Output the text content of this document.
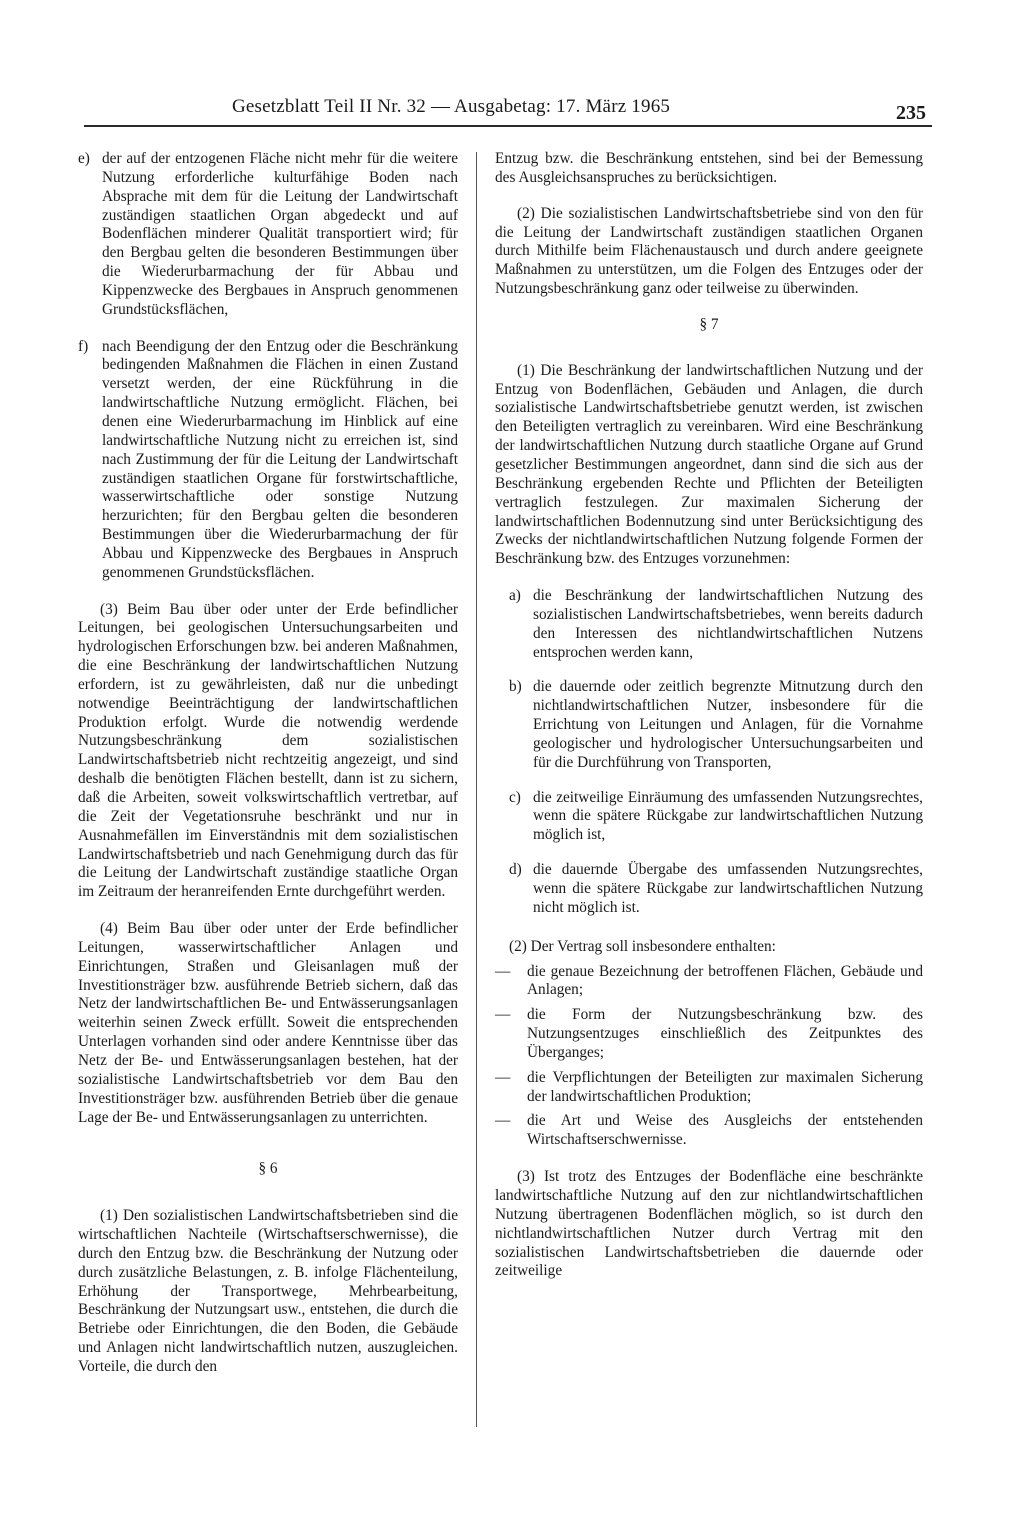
Gesetzblatt Teil II Nr. 32 — Ausgabetag: 17. März 1965	235
e) der auf der entzogenen Fläche nicht mehr für die weitere Nutzung erforderliche kulturfähige Boden nach Absprache mit dem für die Leitung der Landwirtschaft zuständigen staatlichen Organ abgedeckt und auf Bodenflächen minderer Qualität transportiert wird; für den Bergbau gelten die besonderen Bestimmungen über die Wiederurbarmachung der für Abbau und Kippenzwecke des Bergbaues in Anspruch genommenen Grundstücksflächen,
f) nach Beendigung der den Entzug oder die Beschränkung bedingenden Maßnahmen die Flächen in einen Zustand versetzt werden, der eine Rückführung in die landwirtschaftliche Nutzung ermöglicht. Flächen, bei denen eine Wiederurbarmachung im Hinblick auf eine landwirtschaftliche Nutzung nicht zu erreichen ist, sind nach Zustimmung der für die Leitung der Landwirtschaft zuständigen staatlichen Organe für forstwirtschaftliche, wasserwirtschaftliche oder sonstige Nutzung herzurichten; für den Bergbau gelten die besonderen Bestimmungen über die Wiederurbarmachung der für Abbau und Kippenzwecke des Bergbaues in Anspruch genommenen Grundstücksflächen.

(3) Beim Bau über oder unter der Erde befindlicher Leitungen, bei geologischen Untersuchungsarbeiten und hydrologischen Erforschungen bzw. bei anderen Maßnahmen, die eine Beschränkung der landwirtschaftlichen Nutzung erfordern, ist zu gewährleisten, daß nur die unbedingt notwendige Beeinträchtigung der landwirtschaftlichen Produktion erfolgt. Wurde die notwendig werdende Nutzungsbeschränkung dem sozialistischen Landwirtschaftsbetrieb nicht rechtzeitig angezeigt, und sind deshalb die benötigten Flächen bestellt, dann ist zu sichern, daß die Arbeiten, soweit volkswirtschaftlich vertretbar, auf die Zeit der Vegetationsruhe beschränkt und nur in Ausnahmefällen im Einverständnis mit dem sozialistischen Landwirtschaftsbetrieb und nach Genehmigung durch das für die Leitung der Landwirtschaft zuständige staatliche Organ im Zeitraum der heranreifenden Ernte durchgeführt werden.

(4) Beim Bau über oder unter der Erde befindlicher Leitungen, wasserwirtschaftlicher Anlagen und Einrichtungen, Straßen und Gleisanlagen muß der Investitionsträger bzw. ausführende Betrieb sichern, daß das Netz der landwirtschaftlichen Be- und Entwässerungsanlagen weiterhin seinen Zweck erfüllt. Soweit die entsprechenden Unterlagen vorhanden sind oder andere Kenntnisse über das Netz der Be- und Entwässerungsanlagen bestehen, hat der sozialistische Landwirtschaftsbetrieb vor dem Bau den Investitionsträger bzw. ausführenden Betrieb über die genaue Lage der Be- und Entwässerungsanlagen zu unterrichten.

§ 6

(1) Den sozialistischen Landwirtschaftsbetrieben sind die wirtschaftlichen Nachteile (Wirtschaftserschwernisse), die durch den Entzug bzw. die Beschränkung der Nutzung oder durch zusätzliche Belastungen, z. B. infolge Flächenteilung, Erhöhung der Transportwege, Mehrbearbeitung, Beschränkung der Nutzungsart usw., entstehen, die durch die Betriebe oder Einrichtungen, die den Boden, die Gebäude und Anlagen nicht landwirtschaftlich nutzen, auszugleichen. Vorteile, die durch den

Entzug bzw. die Beschränkung entstehen, sind bei der Bemessung des Ausgleichsanspruches zu berücksichtigen.

(2) Die sozialistischen Landwirtschaftsbetriebe sind von den für die Leitung der Landwirtschaft zuständigen staatlichen Organen durch Mithilfe beim Flächenaustausch und durch andere geeignete Maßnahmen zu unterstützen, um die Folgen des Entzuges oder der Nutzungsbeschränkung ganz oder teilweise zu überwinden.

§ 7

(1) Die Beschränkung der landwirtschaftlichen Nutzung und der Entzug von Bodenflächen, Gebäuden und Anlagen, die durch sozialistische Landwirtschaftsbetriebe genutzt werden, ist zwischen den Beteiligten vertraglich zu vereinbaren. Wird eine Beschränkung der landwirtschaftlichen Nutzung durch staatliche Organe auf Grund gesetzlicher Bestimmungen angeordnet, dann sind die sich aus der Beschränkung ergebenden Rechte und Pflichten der Beteiligten vertraglich festzulegen. Zur maximalen Sicherung der landwirtschaftlichen Bodennutzung sind unter Berücksichtigung des Zwecks der nichtlandwirtschaftlichen Nutzung folgende Formen der Beschränkung bzw. des Entzuges vorzunehmen:

a) die Beschränkung der landwirtschaftlichen Nutzung des sozialistischen Landwirtschaftsbetriebes, wenn bereits dadurch den Interessen des nichtlandwirtschaftlichen Nutzens entsprochen werden kann,
b) die dauernde oder zeitlich begrenzte Mitnutzung durch den nichtlandwirtschaftlichen Nutzer, insbesondere für die Errichtung von Leitungen und Anlagen, für die Vornahme geologischer und hydrologischer Untersuchungsarbeiten und für die Durchführung von Transporten,
c) die zeitweilige Einräumung des umfassenden Nutzungsrechtes, wenn die spätere Rückgabe zur landwirtschaftlichen Nutzung möglich ist,
d) die dauernde Übergabe des umfassenden Nutzungsrechtes, wenn die spätere Rückgabe zur landwirtschaftlichen Nutzung nicht möglich ist.

(2) Der Vertrag soll insbesondere enthalten:

—	die genaue Bezeichnung der betroffenen Flächen, Gebäude und Anlagen;
—	die Form der Nutzungsbeschränkung bzw. des Nutzungsentzuges einschließlich des Zeitpunktes des Überganges;
—	die Verpflichtungen der Beteiligten zur maximalen Sicherung der landwirtschaftlichen Produktion;
—	die Art und Weise des Ausgleichs der entstehenden Wirtschaftserschwernisse.

(3) Ist trotz des Entzuges der Bodenfläche eine beschränkte landwirtschaftliche Nutzung auf den zur nichtlandwirtschaftlichen Nutzung übertragenen Bodenflächen möglich, so ist durch den nichtlandwirtschaftlichen Nutzer durch Vertrag mit den sozialistischen Landwirtschaftsbetrieben die dauernde oder zeitweilige
